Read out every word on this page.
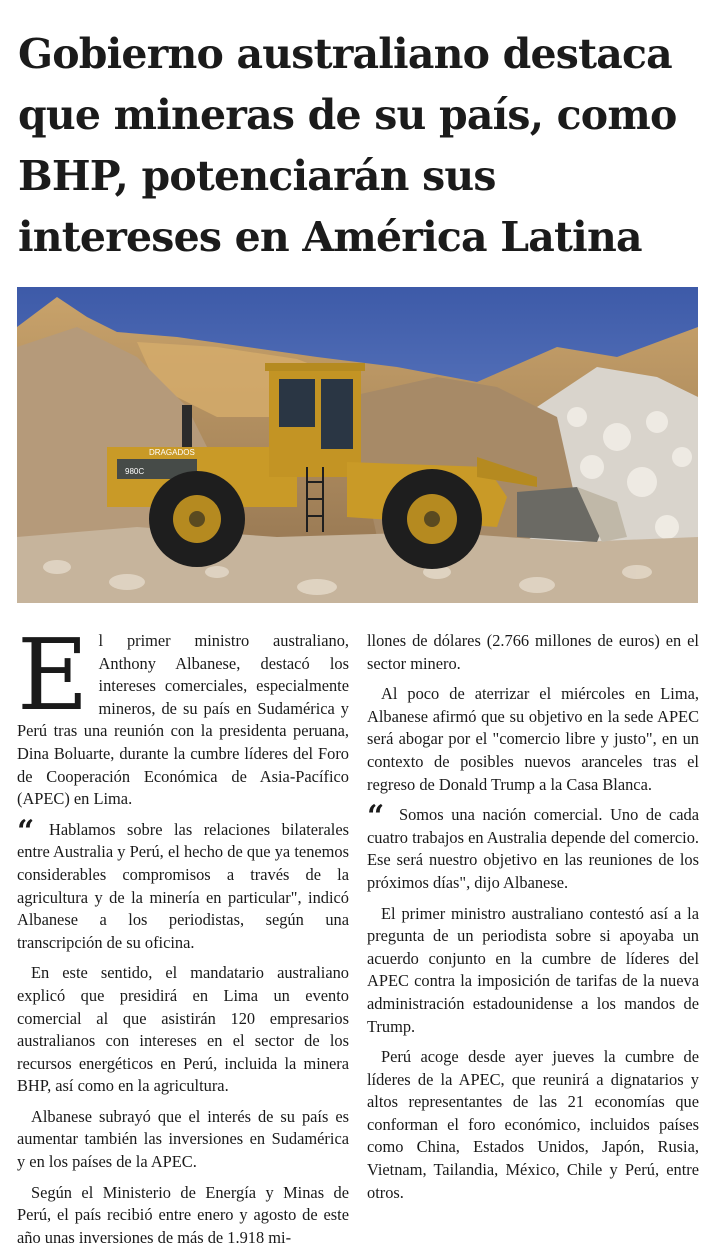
Gobierno australiano destaca que mineras de su país, como BHP, potenciarán sus intereses en América Latina
DRAGADOS
980C

El primer ministro australiano, Anthony Albanese, destacó los intereses comerciales, especialmente mineros, de su país en Sudamérica y Perú tras una reunión con la presidenta peruana, Dina Boluarte, durante la cumbre líderes del Foro de Cooperación Económica de Asia-Pacífico (APEC) en Lima.

“ Hablamos sobre las relaciones bilaterales entre Australia y Perú, el hecho de que ya tenemos considerables compromisos a través de la agricultura y de la minería en particular", indicó Albanese a los periodistas, según una transcripción de su oficina.

En este sentido, el mandatario australiano explicó que presidirá en Lima un evento comercial al que asistirán 120 empresarios australianos con intereses en el sector de los recursos energéticos en Perú, incluida la minera BHP, así como en la agricultura.

Albanese subrayó que el interés de su país es aumentar también las inversiones en Sudamérica y en los países de la APEC.

Según el Ministerio de Energía y Minas de Perú, el país recibió entre enero y agosto de este año unas inversiones de más de 1.918 mi-

llones de dólares (2.766 millones de euros) en el sector minero.

Al poco de aterrizar el miércoles en Lima, Albanese afirmó que su objetivo en la sede APEC será abogar por el "comercio libre y justo", en un contexto de posibles nuevos aranceles tras el regreso de Donald Trump a la Casa Blanca.

“ Somos una nación comercial. Uno de cada cuatro trabajos en Australia depende del comercio. Ese será nuestro objetivo en las reuniones de los próximos días", dijo Albanese.

El primer ministro australiano contestó así a la pregunta de un periodista sobre si apoyaba un acuerdo conjunto en la cumbre de líderes del APEC contra la imposición de tarifas de la nueva administración estadounidense a los mandos de Trump.

Perú acoge desde ayer jueves la cumbre de líderes de la APEC, que reunirá a dignatarios y altos representantes de las 21 economías que conforman el foro económico, incluidos países como China, Estados Unidos, Japón, Rusia, Vietnam, Tailandia, México, Chile y Perú, entre otros.
